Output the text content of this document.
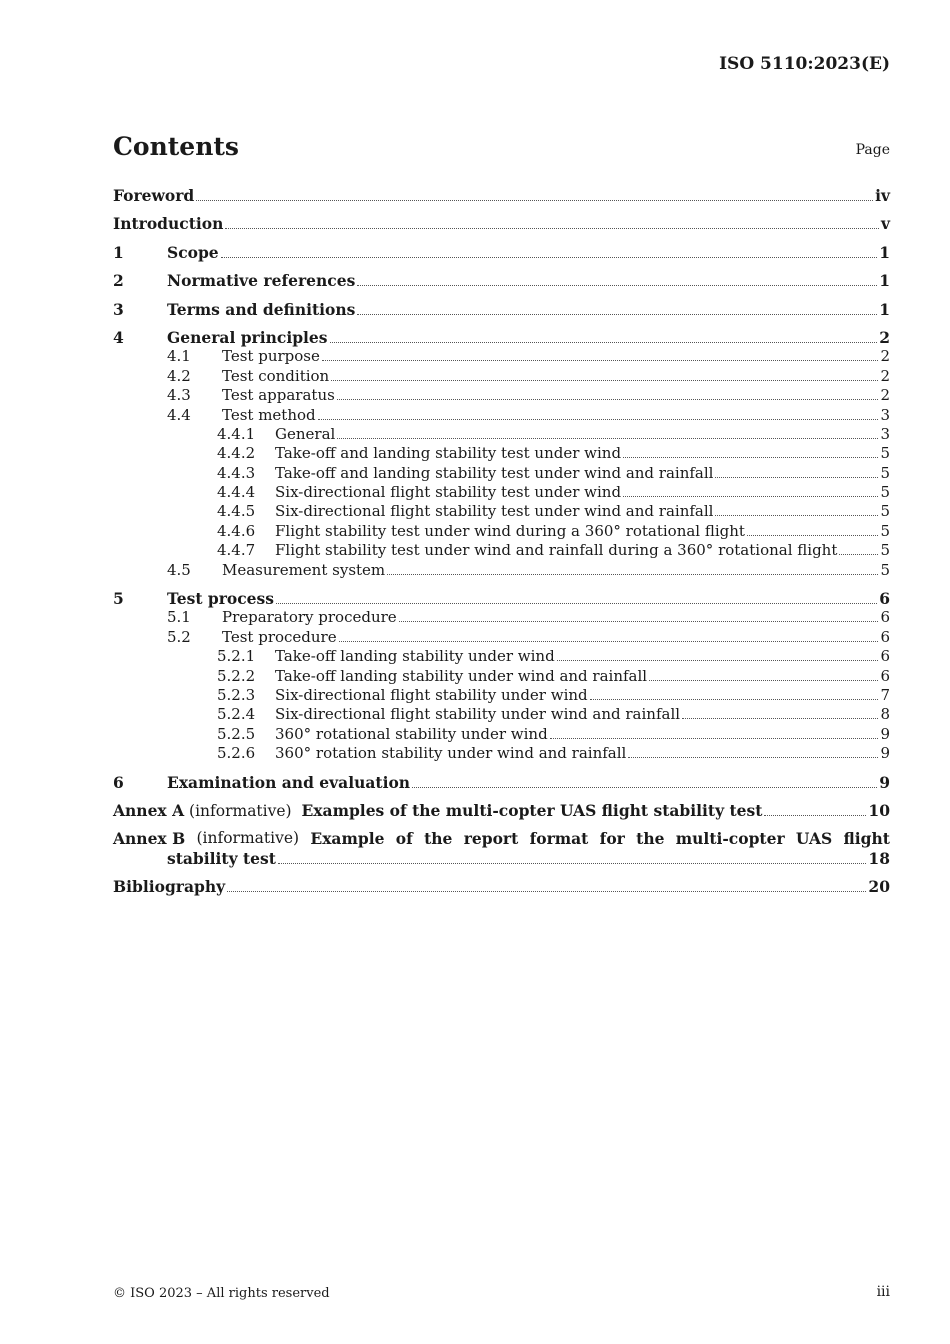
ISO 5110:2023(E)
Contents	Page
Foreword	iv
Introduction	v
1	Scope	1
2	Normative references	1
3	Terms and definitions	1
4	General principles	2
4.1	Test purpose	2
4.2	Test condition	2
4.3	Test apparatus	2
4.4	Test method	3
4.4.1	General	3
4.4.2	Take-off and landing stability test under wind	5
4.4.3	Take-off and landing stability test under wind and rainfall	5
4.4.4	Six-directional flight stability test under wind	5
4.4.5	Six-directional flight stability test under wind and rainfall	5
4.4.6	Flight stability test under wind during a 360° rotational flight	5
4.4.7	Flight stability test under wind and rainfall during a 360° rotational flight	5
4.5	Measurement system	5
5	Test process	6
5.1	Preparatory procedure	6
5.2	Test procedure	6
5.2.1	Take-off landing stability under wind	6
5.2.2	Take-off landing stability under wind and rainfall	6
5.2.3	Six-directional flight stability under wind	7
5.2.4	Six-directional flight stability under wind and rainfall	8
5.2.5	360° rotational stability under wind	9
5.2.6	360° rotation stability under wind and rainfall	9
6	Examination and evaluation	9
Annex A (informative) Examples of the multi-copter UAS flight stability test	10
Annex B (informative) Example of the report format for the multi-copter UAS flight
stability test	18
Bibliography	20
© ISO 2023 – All rights reserved	iii
